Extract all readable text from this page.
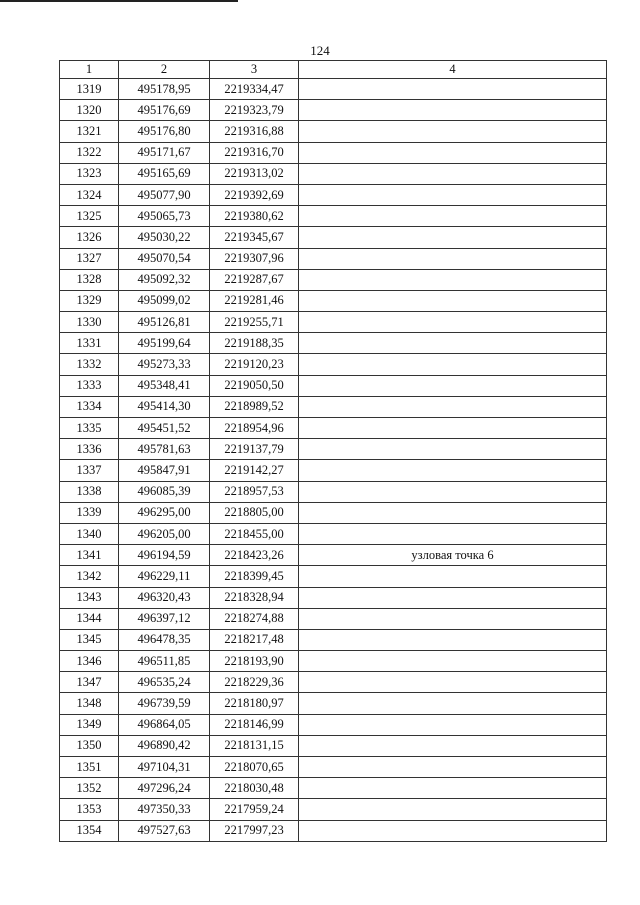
124
1	2	3	4
1319	495178,95	2219334,47	
1320	495176,69	2219323,79	
1321	495176,80	2219316,88	
1322	495171,67	2219316,70	
1323	495165,69	2219313,02	
1324	495077,90	2219392,69	
1325	495065,73	2219380,62	
1326	495030,22	2219345,67	
1327	495070,54	2219307,96	
1328	495092,32	2219287,67	
1329	495099,02	2219281,46	
1330	495126,81	2219255,71	
1331	495199,64	2219188,35	
1332	495273,33	2219120,23	
1333	495348,41	2219050,50	
1334	495414,30	2218989,52	
1335	495451,52	2218954,96	
1336	495781,63	2219137,79	
1337	495847,91	2219142,27	
1338	496085,39	2218957,53	
1339	496295,00	2218805,00	
1340	496205,00	2218455,00	
1341	496194,59	2218423,26	узловая точка 6
1342	496229,11	2218399,45	
1343	496320,43	2218328,94	
1344	496397,12	2218274,88	
1345	496478,35	2218217,48	
1346	496511,85	2218193,90	
1347	496535,24	2218229,36	
1348	496739,59	2218180,97	
1349	496864,05	2218146,99	
1350	496890,42	2218131,15	
1351	497104,31	2218070,65	
1352	497296,24	2218030,48	
1353	497350,33	2217959,24	
1354	497527,63	2217997,23	
